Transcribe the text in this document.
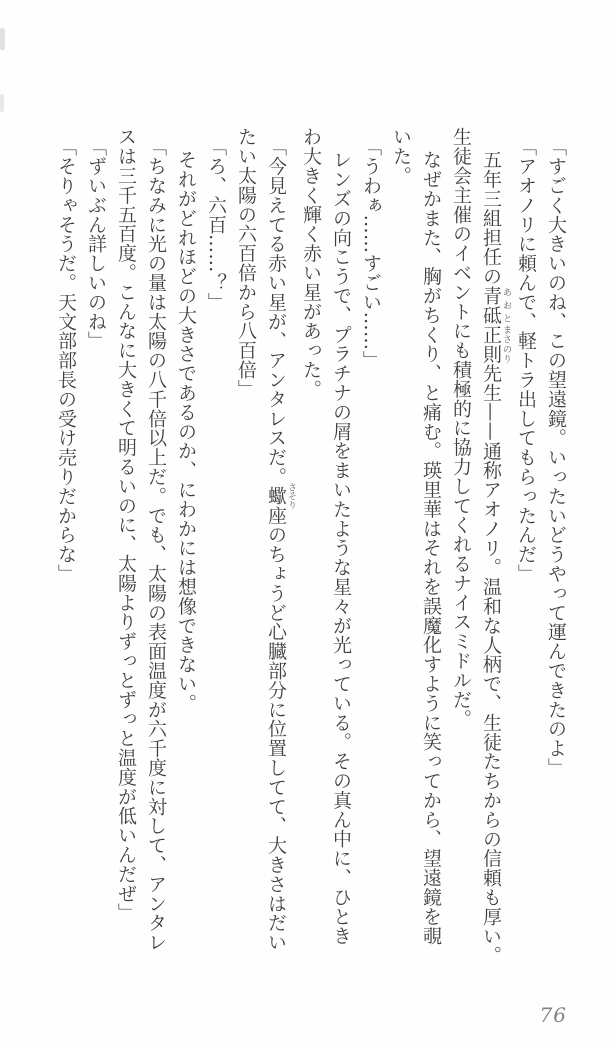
「すごく大きいのね、この望遠鏡。いったいどうやって運んできたのよ」
「アオノリに頼んで、軽トラ出してもらったんだ」
五年三組担任の青砥 あおと正則 まさのり先生——通称アオノリ。温和な人柄で、生徒たちからの信頼も厚い。
生徒会主催のイベントにも積極的に協力してくれるナイスミドルだ。
なぜかまた、胸がちくり、と痛む。瑛里華はそれを誤魔化すように笑ってから、望遠鏡を覗
いた。
「うわぁ……すごい……」
レンズの向こうで、プラチナの屑をまいたような星々が光っている。その真ん中に、ひとき
わ大きく輝く赤い星があった。
「今見えてる赤い星が、アンタレスだ。蠍 さそり座のちょうど心臓部分に位置してて、大きさはだい
たい太陽の六百倍から八百倍」
「ろ、六百……？」
それがどれほどの大きさであるのか、にわかには想像できない。
「ちなみに光の量は太陽の八千倍以上だ。でも、太陽の表面温度が六千度に対して、アンタレ
スは三千五百度。こんなに大きくて明るいのに、太陽よりずっとずっと温度が低いんだぜ」
「ずいぶん詳しいのね」
「そりゃそうだ。天文部部長の受け売りだからな」
76
